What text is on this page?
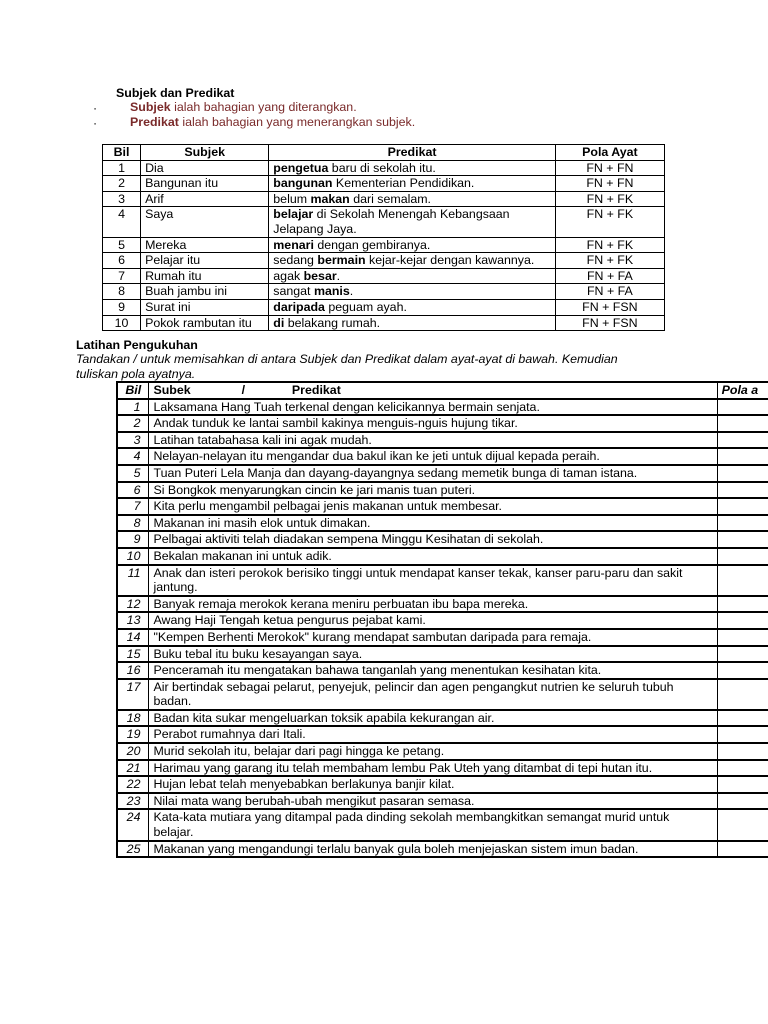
Subjek dan Predikat
·	Subjek ialah bahagian yang diterangkan.
·	Predikat ialah bahagian yang menerangkan subjek.
Bil	Subjek	Predikat	Pola Ayat
1	Dia	pengetua baru di sekolah itu.	FN + FN
2	Bangunan itu	bangunan Kementerian Pendidikan.	FN + FN
3	Arif	belum makan dari semalam.	FN + FK
4	Saya	belajar di Sekolah Menengah Kebangsaan Jelapang Jaya.	FN + FK
5	Mereka	menari dengan gembiranya.	FN + FK
6	Pelajar itu	sedang bermain kejar-kejar dengan kawannya.	FN + FK
7	Rumah itu	agak besar.	FN + FA
8	Buah jambu ini	sangat manis.	FN + FA
9	Surat ini	daripada peguam ayah.	FN + FSN
10	Pokok rambutan itu	di belakang rumah.	FN + FSN
Latihan Pengukuhan
Tandakan / untuk memisahkan di antara Subjek dan Predikat dalam ayat-ayat di bawah. Kemudian tuliskan pola ayatnya.
Bil	Subek / Predikat	Pola a
1	Laksamana Hang Tuah terkenal dengan kelicikannya bermain senjata.	
2	Andak tunduk ke lantai sambil kakinya menguis-nguis hujung tikar.	
3	Latihan tatabahasa kali ini agak mudah.	
4	Nelayan-nelayan itu mengandar dua bakul ikan ke jeti untuk dijual kepada peraih.	
5	Tuan Puteri Lela Manja dan dayang-dayangnya sedang memetik bunga di taman istana.	
6	Si Bongkok menyarungkan cincin ke jari manis tuan puteri.	
7	Kita perlu mengambil pelbagai jenis makanan untuk membesar.	
8	Makanan ini masih elok untuk dimakan.	
9	Pelbagai aktiviti telah diadakan sempena Minggu Kesihatan di sekolah.	
10	Bekalan makanan ini untuk adik.	
11	Anak dan isteri perokok berisiko tinggi untuk mendapat kanser tekak, kanser paru-paru dan sakit jantung.	
12	Banyak remaja merokok kerana meniru perbuatan ibu bapa mereka.	
13	Awang Haji Tengah ketua pengurus pejabat kami.	
14	"Kempen Berhenti Merokok" kurang mendapat sambutan daripada para remaja.	
15	Buku tebal itu buku kesayangan saya.	
16	Penceramah itu mengatakan bahawa tanganlah yang menentukan kesihatan kita.	
17	Air bertindak sebagai pelarut, penyejuk, pelincir dan agen pengangkut nutrien ke seluruh tubuh badan.	
18	Badan kita sukar mengeluarkan toksik apabila kekurangan air.	
19	Perabot rumahnya dari Itali.	
20	Murid sekolah itu, belajar dari pagi hingga ke petang.	
21	Harimau yang garang itu telah membaham lembu Pak Uteh yang ditambat di tepi hutan itu.	
22	Hujan lebat telah menyebabkan berlakunya banjir kilat.	
23	Nilai mata wang berubah-ubah mengikut pasaran semasa.	
24	Kata-kata mutiara yang ditampal pada dinding sekolah membangkitkan semangat murid untuk belajar.	
25	Makanan yang mengandungi terlalu banyak gula boleh menjejaskan sistem imun badan.	
